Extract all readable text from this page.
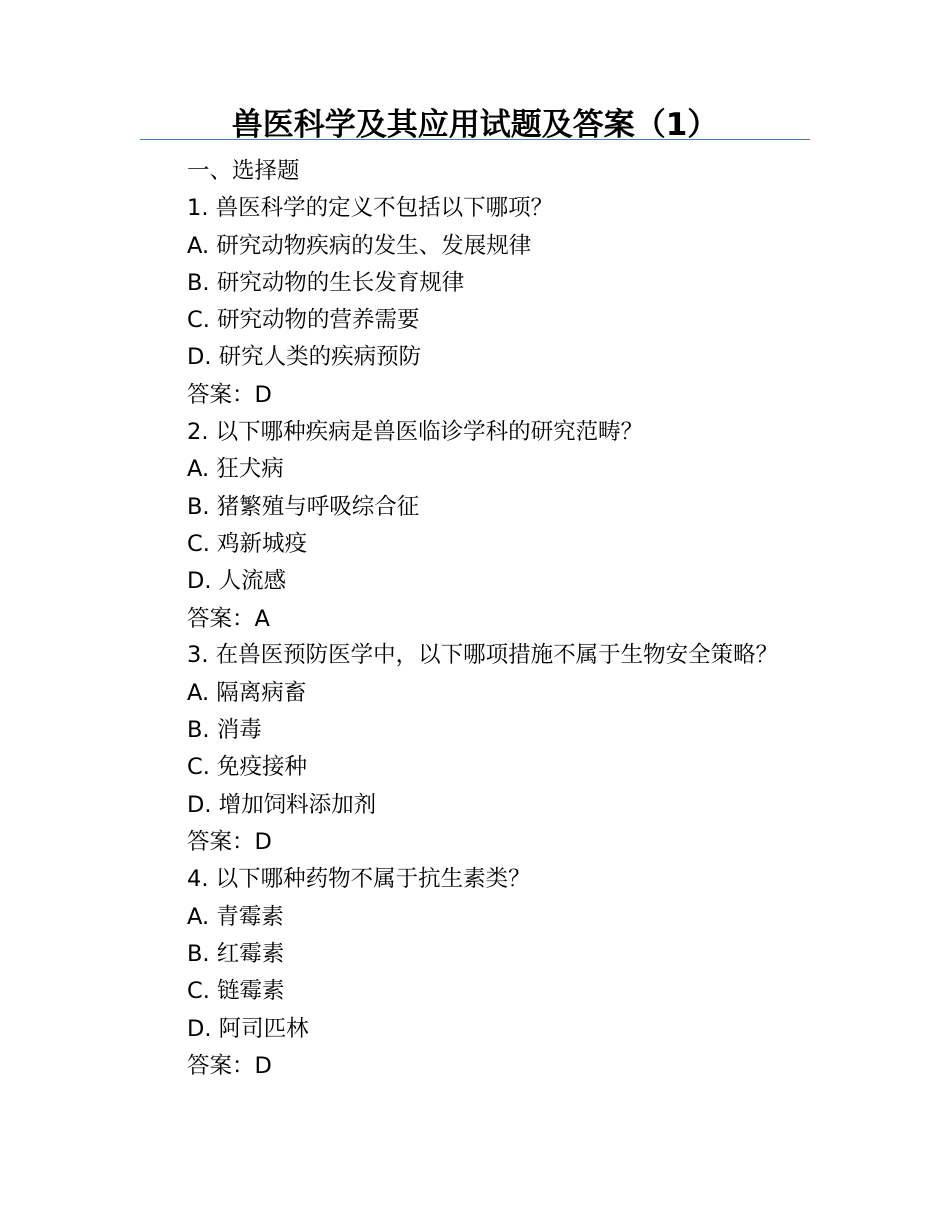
兽医科学及其应用试题及答案（1）

一、选择题

1. 兽医科学的定义不包括以下哪项？

A. 研究动物疾病的发生、发展规律

B. 研究动物的生长发育规律

C. 研究动物的营养需要

D. 研究人类的疾病预防

答案：D

2. 以下哪种疾病是兽医临诊学科的研究范畴？

A. 狂犬病

B. 猪繁殖与呼吸综合征

C. 鸡新城疫

D. 人流感

答案：A

3. 在兽医预防医学中，以下哪项措施不属于生物安全策略？

A. 隔离病畜

B. 消毒

C. 免疫接种

D. 增加饲料添加剂

答案：D

4. 以下哪种药物不属于抗生素类？

A. 青霉素

B. 红霉素

C. 链霉素

D. 阿司匹林

答案：D
